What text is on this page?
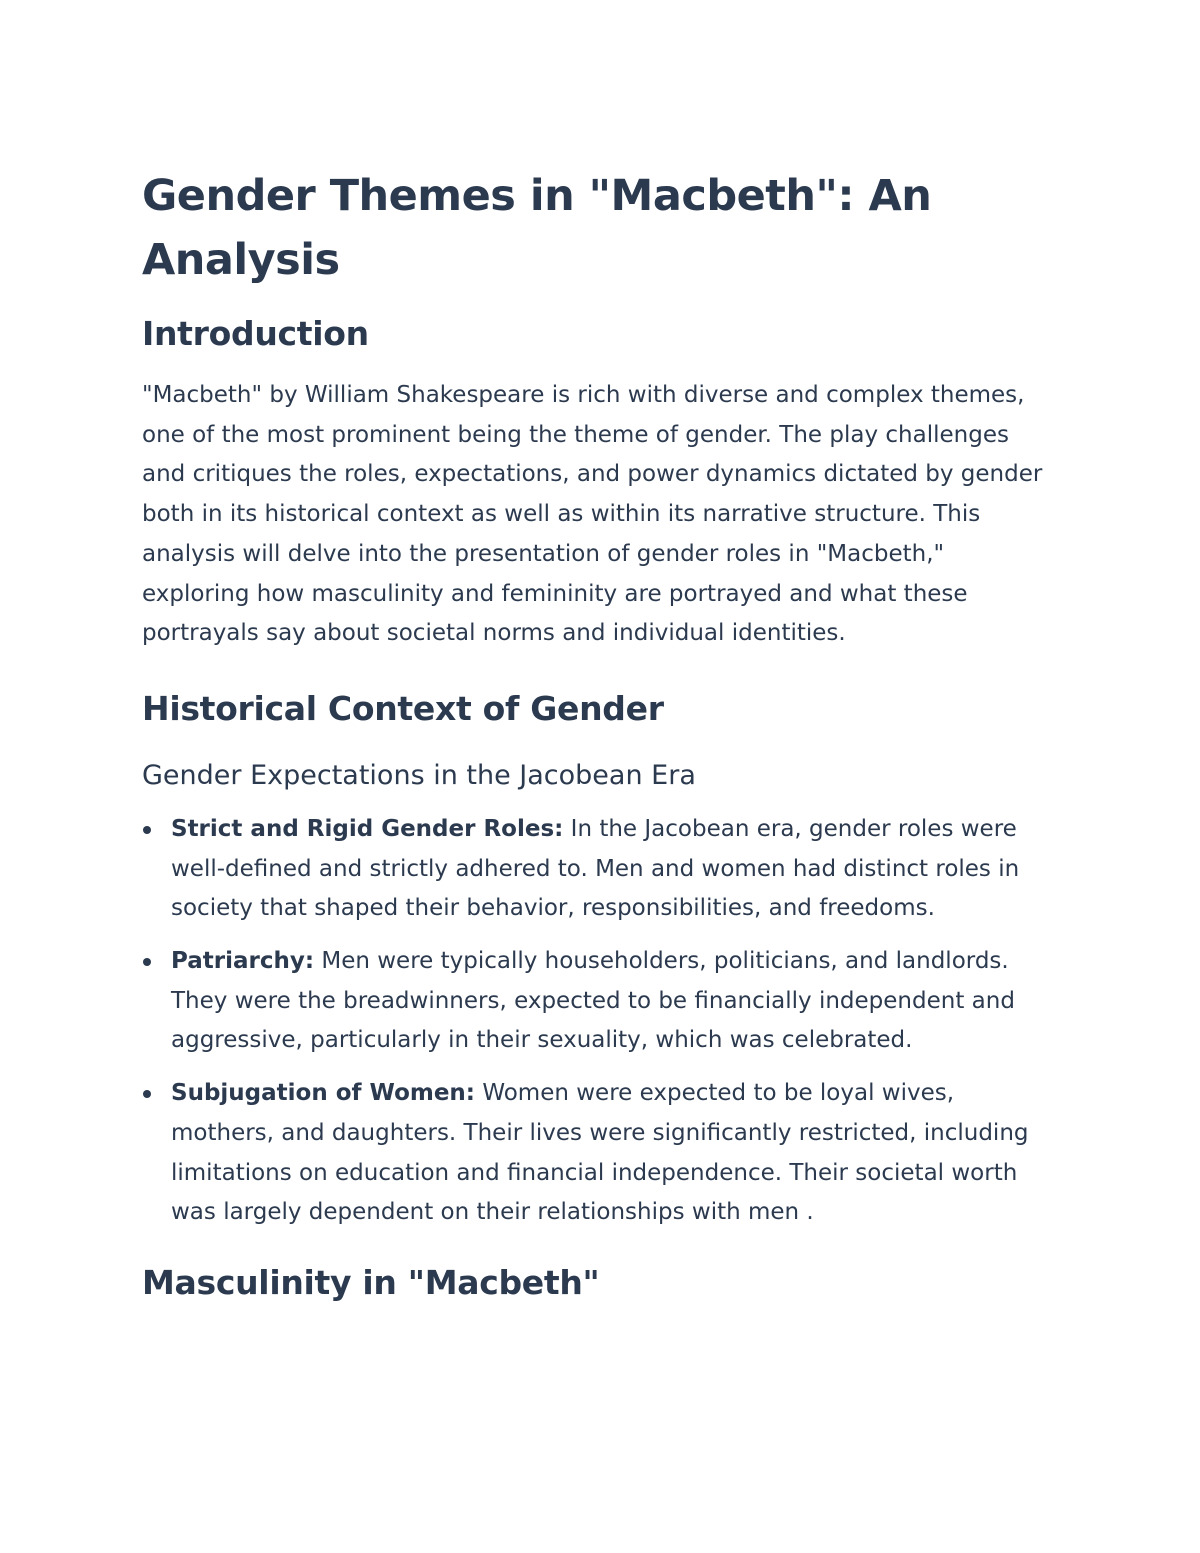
Gender Themes in "Macbeth": An Analysis
Introduction

"Macbeth" by William Shakespeare is rich with diverse and complex themes, one of the most prominent being the theme of gender. The play challenges and critiques the roles, expectations, and power dynamics dictated by gender both in its historical context as well as within its narrative structure. This analysis will delve into the presentation of gender roles in "Macbeth," exploring how masculinity and femininity are portrayed and what these portrayals say about societal norms and individual identities.

Historical Context of Gender
Gender Expectations in the Jacobean Era
Strict and Rigid Gender Roles: In the Jacobean era, gender roles were well-defined and strictly adhered to. Men and women had distinct roles in society that shaped their behavior, responsibilities, and freedoms.
Patriarchy: Men were typically householders, politicians, and landlords. They were the breadwinners, expected to be financially independent and aggressive, particularly in their sexuality, which was celebrated.
Subjugation of Women: Women were expected to be loyal wives, mothers, and daughters. Their lives were significantly restricted, including limitations on education and financial independence. Their societal worth was largely dependent on their relationships with men .
Masculinity in "Macbeth"
